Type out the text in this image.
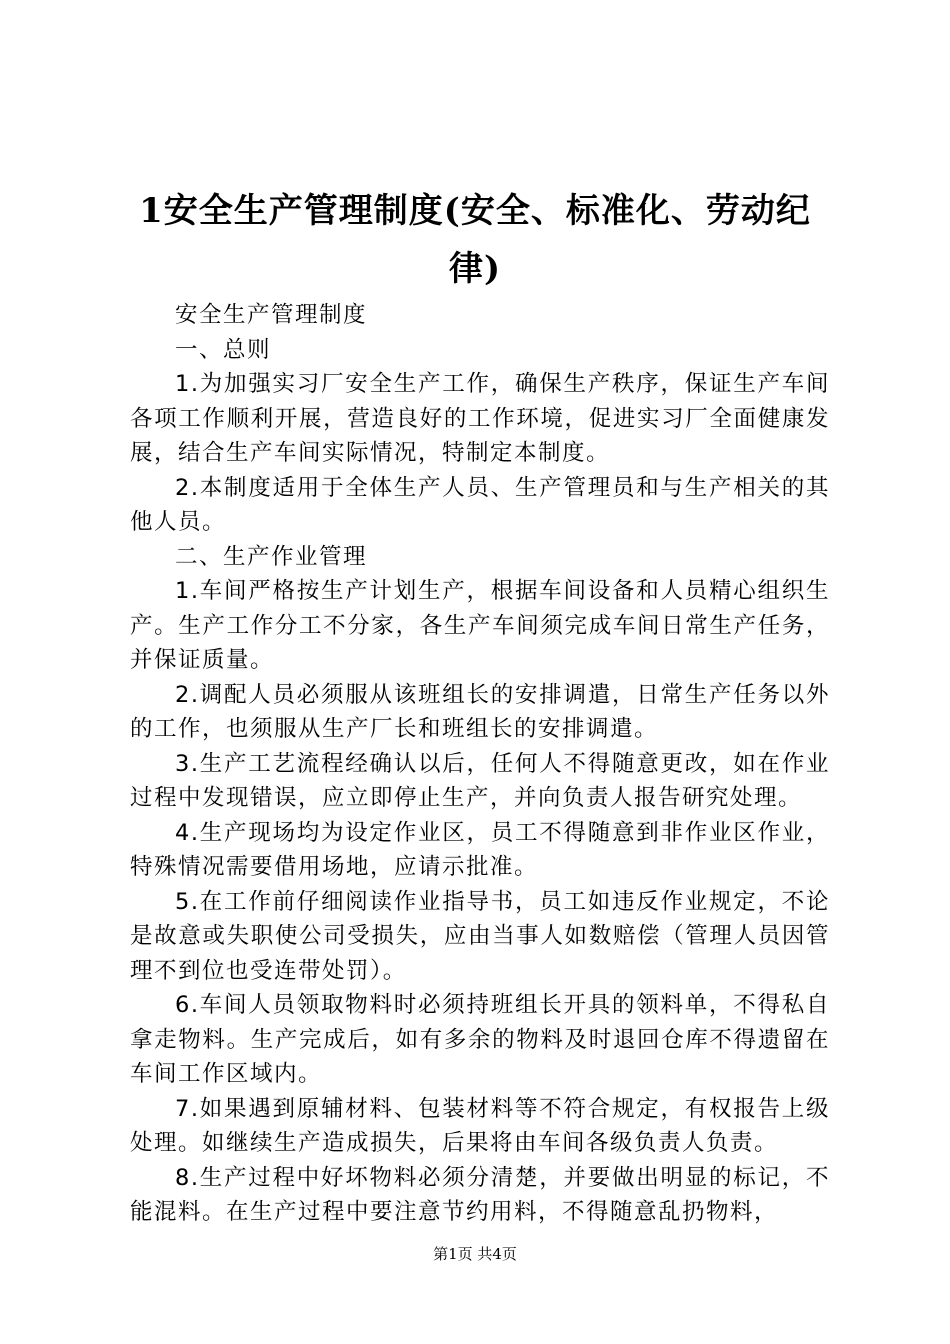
1安全生产管理制度(安全、标准化、劳动纪律)

安全生产管理制度

一、总则

1.为加强实习厂安全生产工作，确保生产秩序，保证生产车间各项工作顺利开展，营造良好的工作环境，促进实习厂全面健康发展，结合生产车间实际情况，特制定本制度。

2.本制度适用于全体生产人员、生产管理员和与生产相关的其他人员。

二、生产作业管理

1.车间严格按生产计划生产，根据车间设备和人员精心组织生产。生产工作分工不分家，各生产车间须完成车间日常生产任务，并保证质量。

2.调配人员必须服从该班组长的安排调遣，日常生产任务以外的工作，也须服从生产厂长和班组长的安排调遣。

3.生产工艺流程经确认以后，任何人不得随意更改，如在作业过程中发现错误，应立即停止生产，并向负责人报告研究处理。

4.生产现场均为设定作业区，员工不得随意到非作业区作业，特殊情况需要借用场地，应请示批准。

5.在工作前仔细阅读作业指导书，员工如违反作业规定，不论是故意或失职使公司受损失，应由当事人如数赔偿（管理人员因管理不到位也受连带处罚）。

6.车间人员领取物料时必须持班组长开具的领料单，不得私自拿走物料。生产完成后，如有多余的物料及时退回仓库不得遗留在车间工作区域内。

7.如果遇到原辅材料、包装材料等不符合规定，有权报告上级处理。如继续生产造成损失，后果将由车间各级负责人负责。

8.生产过程中好坏物料必须分清楚，并要做出明显的标记，不能混料。在生产过程中要注意节约用料，不得随意乱扔物料，

第1页 共4页
